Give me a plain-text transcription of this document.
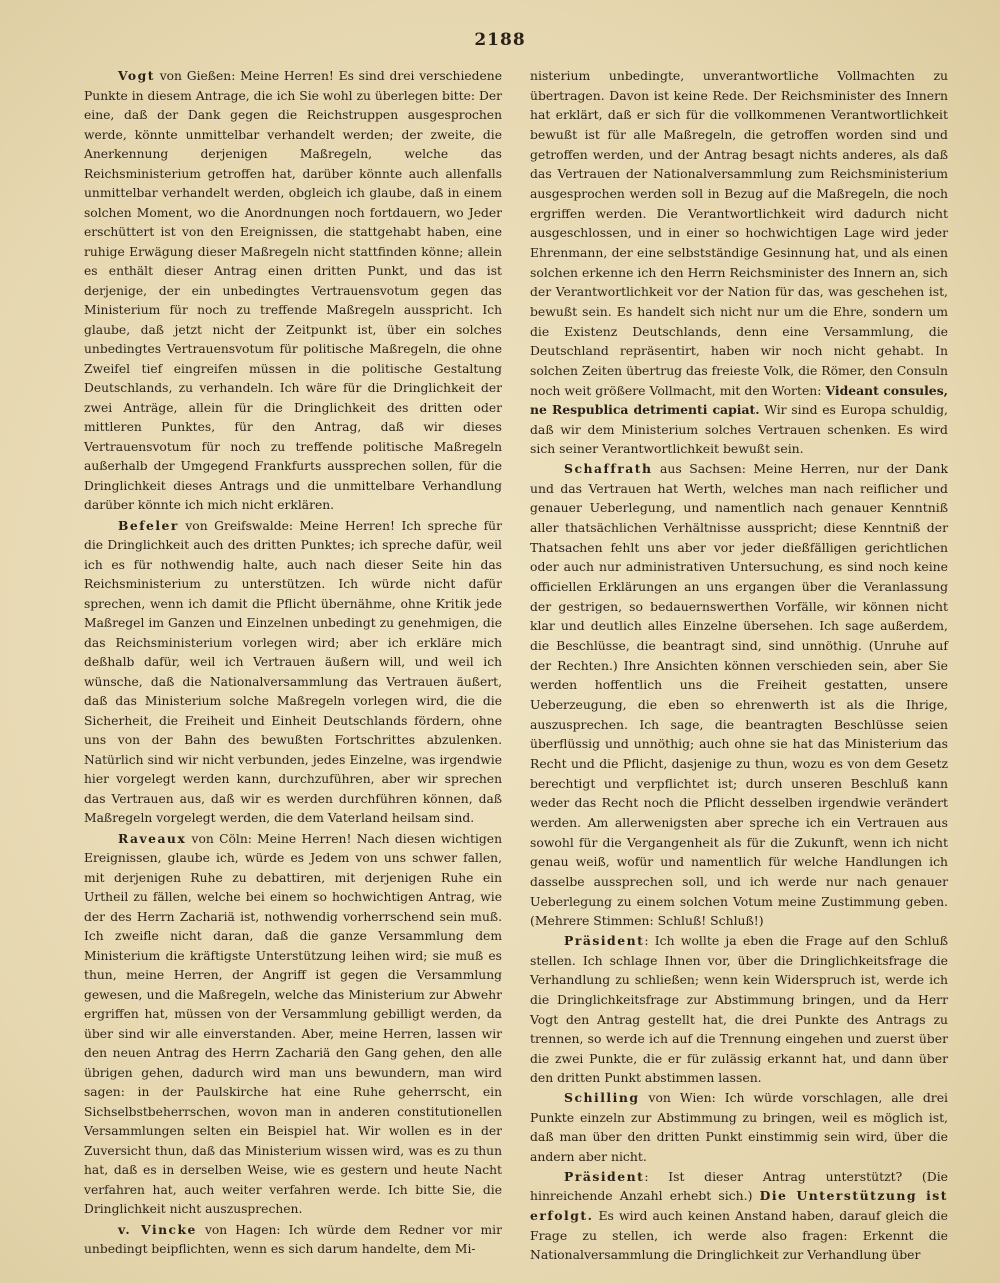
2188

Vogt von Gießen: Meine Herren! Es sind drei verschiedene Punkte in diesem Antrage, die ich Sie wohl zu überlegen bitte: Der eine, daß der Dank gegen die Reichstruppen ausgesprochen werde, könnte unmittelbar verhandelt werden; der zweite, die Anerkennung derjenigen Maßregeln, welche das Reichsministerium getroffen hat, darüber könnte auch allenfalls unmittelbar verhandelt werden, obgleich ich glaube, daß in einem solchen Moment, wo die Anordnungen noch fortdauern, wo Jeder erschüttert ist von den Ereignissen, die stattgehabt haben, eine ruhige Erwägung dieser Maßregeln nicht stattfinden könne; allein es enthält dieser Antrag einen dritten Punkt, und das ist derjenige, der ein unbedingtes Vertrauensvotum gegen das Ministerium für noch zu treffende Maßregeln ausspricht. Ich glaube, daß jetzt nicht der Zeitpunkt ist, über ein solches unbedingtes Vertrauensvotum für politische Maßregeln, die ohne Zweifel tief eingreifen müssen in die politische Gestaltung Deutschlands, zu verhandeln. Ich wäre für die Dringlichkeit der zwei Anträge, allein für die Dringlichkeit des dritten oder mittleren Punktes, für den Antrag, daß wir dieses Vertrauensvotum für noch zu treffende politische Maßregeln außerhalb der Umgegend Frankfurts aussprechen sollen, für die Dringlichkeit dieses Antrags und die unmittelbare Verhandlung darüber könnte ich mich nicht erklären.

Befeler von Greifswalde: Meine Herren! Ich spreche für die Dringlichkeit auch des dritten Punktes; ich spreche dafür, weil ich es für nothwendig halte, auch nach dieser Seite hin das Reichsministerium zu unterstützen. Ich würde nicht dafür sprechen, wenn ich damit die Pflicht übernähme, ohne Kritik jede Maßregel im Ganzen und Einzelnen unbedingt zu genehmigen, die das Reichsministerium vorlegen wird; aber ich erkläre mich deßhalb dafür, weil ich Vertrauen äußern will, und weil ich wünsche, daß die Nationalversammlung das Vertrauen äußert, daß das Ministerium solche Maßregeln vorlegen wird, die die Sicherheit, die Freiheit und Einheit Deutschlands fördern, ohne uns von der Bahn des bewußten Fortschrittes abzulenken. Natürlich sind wir nicht verbunden, jedes Einzelne, was irgendwie hier vorgelegt werden kann, durchzuführen, aber wir sprechen das Vertrauen aus, daß wir es werden durchführen können, daß Maßregeln vorgelegt werden, die dem Vaterland heilsam sind.

Raveaux von Cöln: Meine Herren! Nach diesen wichtigen Ereignissen, glaube ich, würde es Jedem von uns schwer fallen, mit derjenigen Ruhe zu debattiren, mit derjenigen Ruhe ein Urtheil zu fällen, welche bei einem so hochwichtigen Antrag, wie der des Herrn Zachariä ist, nothwendig vorherrschend sein muß. Ich zweifle nicht daran, daß die ganze Versammlung dem Ministerium die kräftigste Unterstützung leihen wird; sie muß es thun, meine Herren, der Angriff ist gegen die Versammlung gewesen, und die Maßregeln, welche das Ministerium zur Abwehr ergriffen hat, müssen von der Versammlung gebilligt werden, da über sind wir alle einverstanden. Aber, meine Herren, lassen wir den neuen Antrag des Herrn Zachariä den Gang gehen, den alle übrigen gehen, dadurch wird man uns bewundern, man wird sagen: in der Paulskirche hat eine Ruhe geherrscht, ein Sichselbstbeherrschen, wovon man in anderen constitutionellen Versammlungen selten ein Beispiel hat. Wir wollen es in der Zuversicht thun, daß das Ministerium wissen wird, was es zu thun hat, daß es in derselben Weise, wie es gestern und heute Nacht verfahren hat, auch weiter verfahren werde. Ich bitte Sie, die Dringlichkeit nicht auszusprechen.

v. Vincke von Hagen: Ich würde dem Redner vor mir unbedingt beipflichten, wenn es sich darum handelte, dem Mi-

nisterium unbedingte, unverantwortliche Vollmachten zu übertragen. Davon ist keine Rede. Der Reichsminister des Innern hat erklärt, daß er sich für die vollkommenen Verantwortlichkeit bewußt ist für alle Maßregeln, die getroffen worden sind und getroffen werden, und der Antrag besagt nichts anderes, als daß das Vertrauen der Nationalversammlung zum Reichsministerium ausgesprochen werden soll in Bezug auf die Maßregeln, die noch ergriffen werden. Die Verantwortlichkeit wird dadurch nicht ausgeschlossen, und in einer so hochwichtigen Lage wird jeder Ehrenmann, der eine selbstständige Gesinnung hat, und als einen solchen erkenne ich den Herrn Reichsminister des Innern an, sich der Verantwortlichkeit vor der Nation für das, was geschehen ist, bewußt sein. Es handelt sich nicht nur um die Ehre, sondern um die Existenz Deutschlands, denn eine Versammlung, die Deutschland repräsentirt, haben wir noch nicht gehabt. In solchen Zeiten übertrug das freieste Volk, die Römer, den Consuln noch weit größere Vollmacht, mit den Worten: Videant consules, ne Respublica detrimenti capiat. Wir sind es Europa schuldig, daß wir dem Ministerium solches Vertrauen schenken. Es wird sich seiner Verantwortlichkeit bewußt sein.

Schaffrath aus Sachsen: Meine Herren, nur der Dank und das Vertrauen hat Werth, welches man nach reiflicher und genauer Ueberlegung, und namentlich nach genauer Kenntniß aller thatsächlichen Verhältnisse ausspricht; diese Kenntniß der Thatsachen fehlt uns aber vor jeder dießfälligen gerichtlichen oder auch nur administrativen Untersuchung, es sind noch keine officiellen Erklärungen an uns ergangen über die Veranlassung der gestrigen, so bedauernswerthen Vorfälle, wir können nicht klar und deutlich alles Einzelne übersehen. Ich sage außerdem, die Beschlüsse, die beantragt sind, sind unnöthig. (Unruhe auf der Rechten.) Ihre Ansichten können verschieden sein, aber Sie werden hoffentlich uns die Freiheit gestatten, unsere Ueberzeugung, die eben so ehrenwerth ist als die Ihrige, auszusprechen. Ich sage, die beantragten Beschlüsse seien überflüssig und unnöthig; auch ohne sie hat das Ministerium das Recht und die Pflicht, dasjenige zu thun, wozu es von dem Gesetz berechtigt und verpflichtet ist; durch unseren Beschluß kann weder das Recht noch die Pflicht desselben irgendwie verändert werden. Am allerwenigsten aber spreche ich ein Vertrauen aus sowohl für die Vergangenheit als für die Zukunft, wenn ich nicht genau weiß, wofür und namentlich für welche Handlungen ich dasselbe aussprechen soll, und ich werde nur nach genauer Ueberlegung zu einem solchen Votum meine Zustimmung geben. (Mehrere Stimmen: Schluß! Schluß!)

Präsident: Ich wollte ja eben die Frage auf den Schluß stellen. Ich schlage Ihnen vor, über die Dringlichkeitsfrage die Verhandlung zu schließen; wenn kein Widerspruch ist, werde ich die Dringlichkeitsfrage zur Abstimmung bringen, und da Herr Vogt den Antrag gestellt hat, die drei Punkte des Antrags zu trennen, so werde ich auf die Trennung eingehen und zuerst über die zwei Punkte, die er für zulässig erkannt hat, und dann über den dritten Punkt abstimmen lassen.

Schilling von Wien: Ich würde vorschlagen, alle drei Punkte einzeln zur Abstimmung zu bringen, weil es möglich ist, daß man über den dritten Punkt einstimmig sein wird, über die andern aber nicht.

Präsident: Ist dieser Antrag unterstützt? (Die hinreichende Anzahl erhebt sich.) Die Unterstützung ist erfolgt. Es wird auch keinen Anstand haben, darauf gleich die Frage zu stellen, ich werde also fragen: Erkennt die Nationalversammlung die Dringlichkeit zur Verhandlung über
